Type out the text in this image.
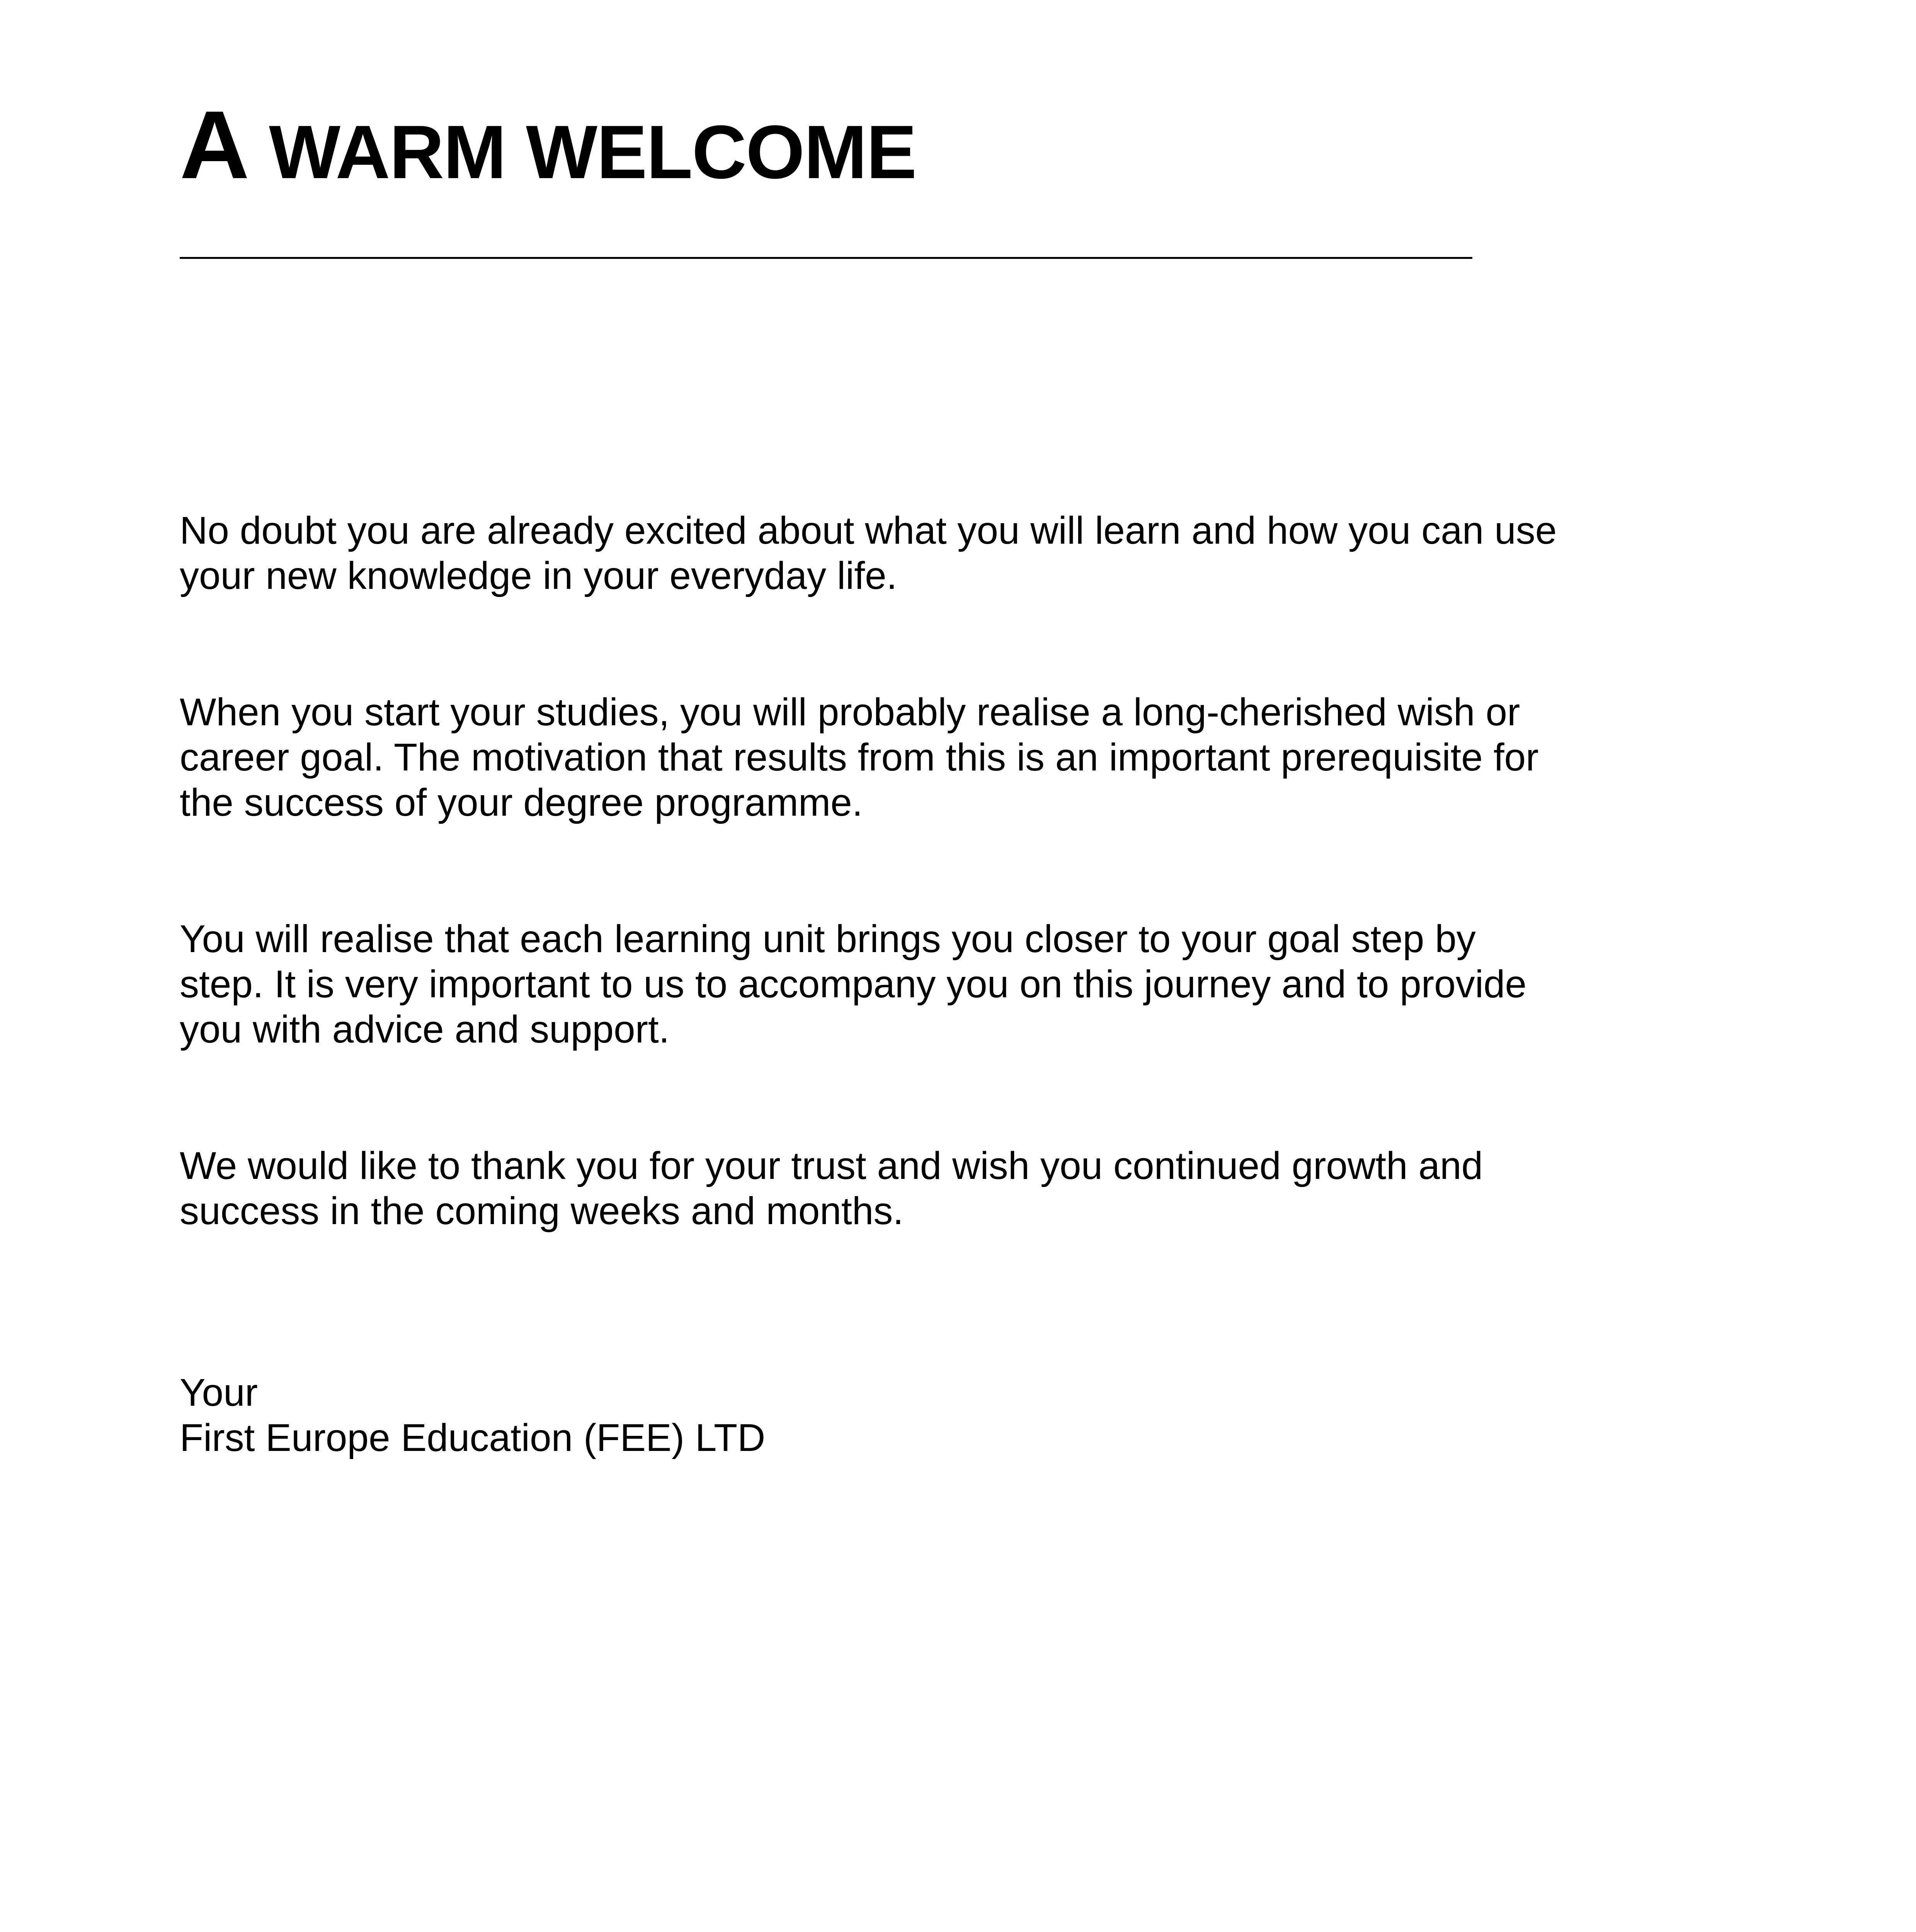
A WARM WELCOME

No doubt you are already excited about what you will learn and how you can use
your new knowledge in your everyday life.

When you start your studies, you will probably realise a long-cherished wish or
career goal. The motivation that results from this is an important prerequisite for
the success of your degree programme.

You will realise that each learning unit brings you closer to your goal step by
step. It is very important to us to accompany you on this journey and to provide
you with advice and support.

We would like to thank you for your trust and wish you continued growth and
success in the coming weeks and months.

Your
First Europe Education (FEE) LTD
